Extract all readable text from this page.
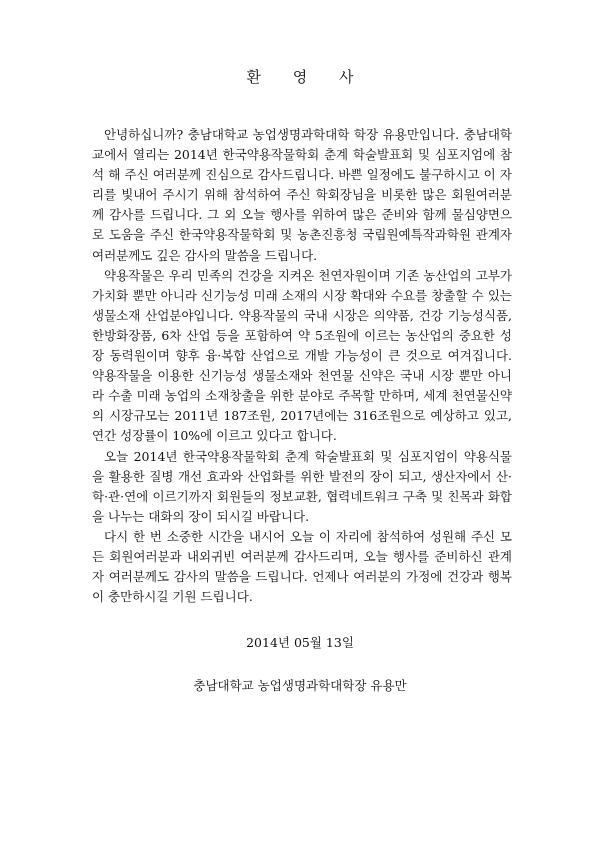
환 영 사

안녕하십니까? 충남대학교 농업생명과학대학 학장 유용만입니다. 충남대학교에서 열리는 2014년 한국약용작물학회 춘계 학술발표회 및 심포지엄에 참석 해 주신 여러분께 진심으로 감사드립니다. 바쁜 일정에도 불구하시고 이 자리를 빛내어 주시기 위해 참석하여 주신 학회장님을 비롯한 많은 회원여러분께 감사를 드립니다. 그 외 오늘 행사를 위하여 많은 준비와 함께 물심양면으로 도움을 주신 한국약용작물학회 및 농촌진흥청 국립원예특작과학원 관계자 여러분께도 깊은 감사의 말씀을 드립니다.

약용작물은 우리 민족의 건강을 지켜온 천연자원이며 기존 농산업의 고부가 가치화 뿐만 아니라 신기능성 미래 소재의 시장 확대와 수요를 창출할 수 있는 생물소재 산업분야입니다. 약용작물의 국내 시장은 의약품, 건강 기능성식품, 한방화장품, 6차 산업 등을 포함하여 약 5조원에 이르는 농산업의 중요한 성장 동력원이며 향후 융·복합 산업으로 개발 가능성이 큰 것으로 여겨집니다. 약용작물을 이용한 신기능성 생물소재와 천연물 신약은 국내 시장 뿐만 아니라 수출 미래 농업의 소재창출을 위한 분야로 주목할 만하며, 세계 천연물신약의 시장규모는 2011년 187조원, 2017년에는 316조원으로 예상하고 있고, 연간 성장률이 10%에 이르고 있다고 합니다.

오늘 2014년 한국약용작물학회 춘계 학술발표회 및 심포지엄이 약용식물을 활용한 질병 개선 효과와 산업화를 위한 발전의 장이 되고, 생산자에서 산·학·관·연에 이르기까지 회원들의 정보교환, 협력네트워크 구축 및 친목과 화합을 나누는 대화의 장이 되시길 바랍니다.

다시 한 번 소중한 시간을 내시어 오늘 이 자리에 참석하여 성원해 주신 모든 회원여러분과 내외귀빈 여러분께 감사드리며, 오늘 행사를 준비하신 관계자 여러분께도 감사의 말씀을 드립니다. 언제나 여러분의 가정에 건강과 행복이 충만하시길 기원 드립니다.

2014년 05월 13일
충남대학교 농업생명과학대학장 유용만
